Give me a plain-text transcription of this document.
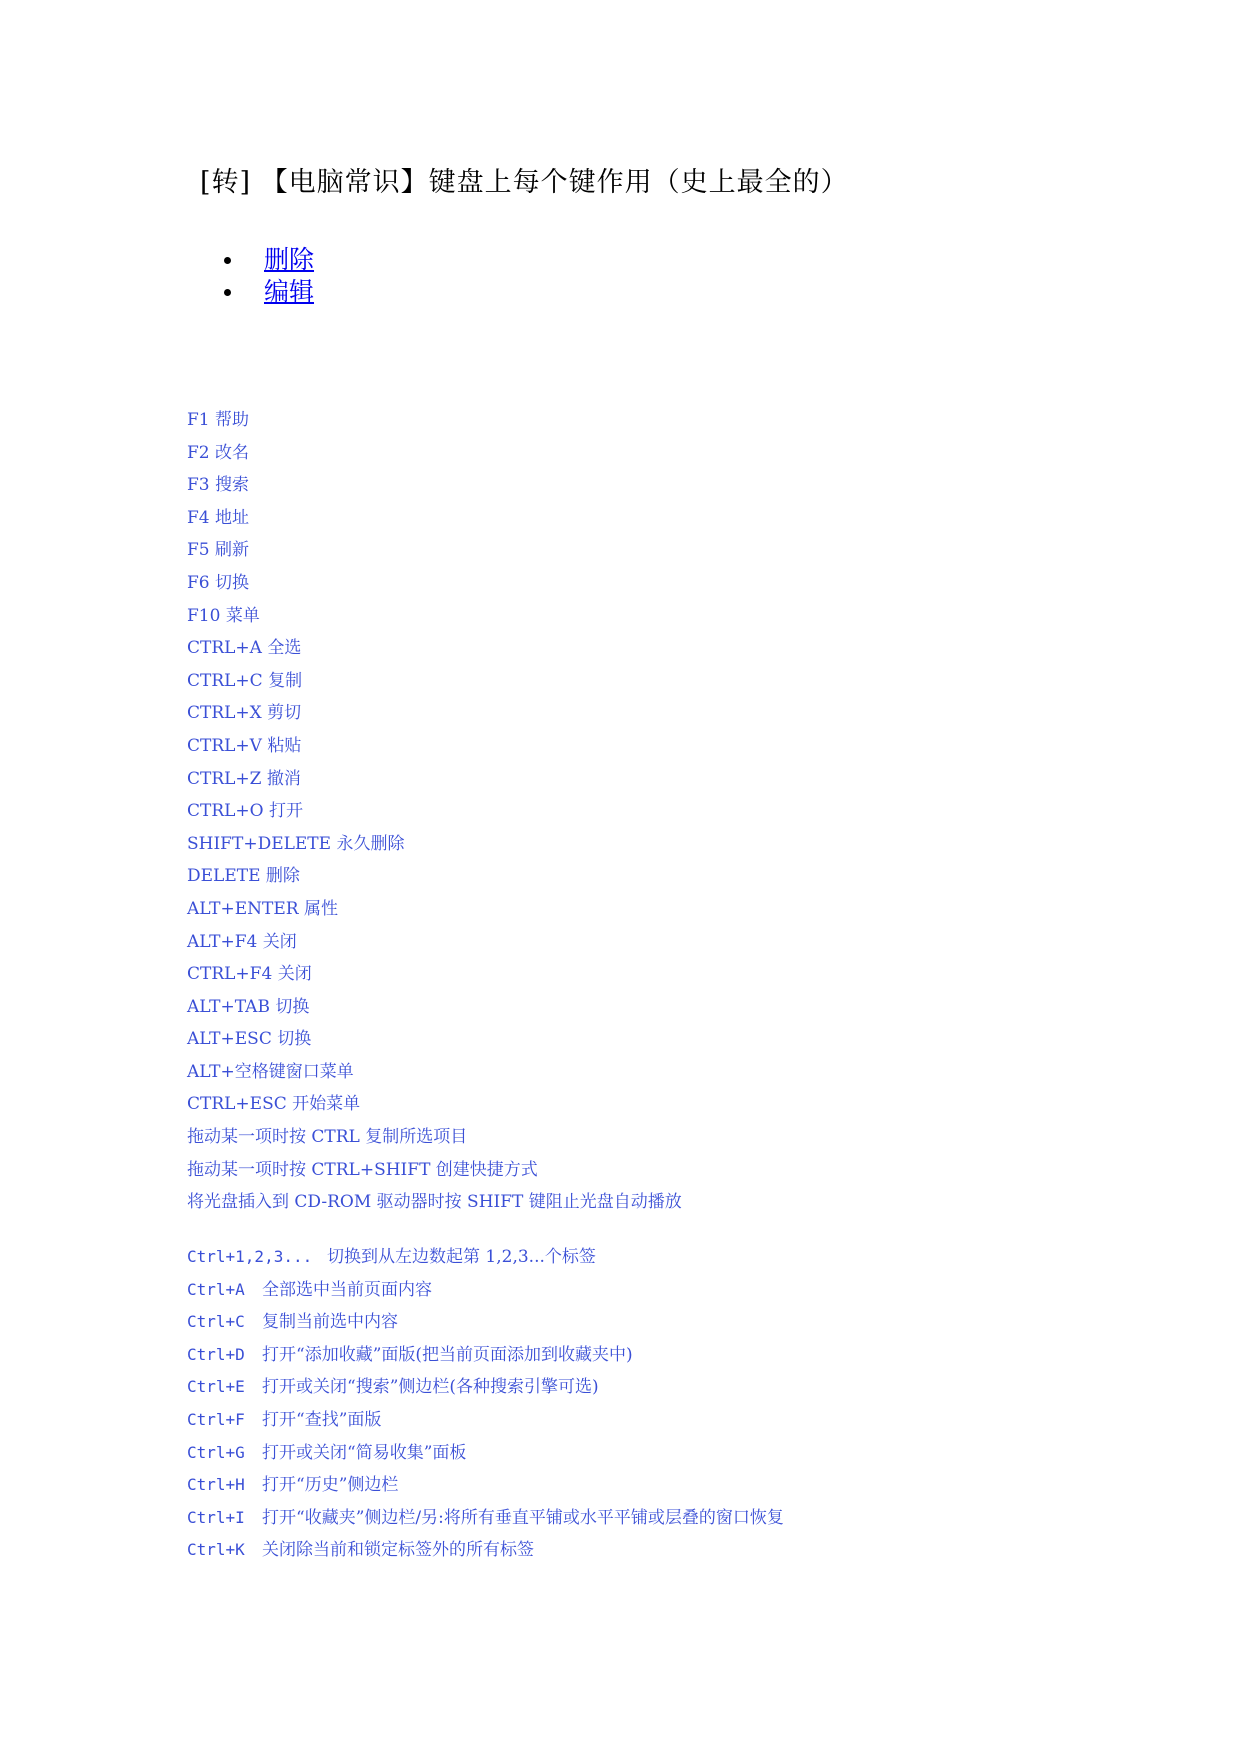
[转] 【电脑常识】键盘上每个键作用（史上最全的）
删除
编辑
F1 帮助
F2 改名
F3 搜索
F4 地址
F5 刷新
F6 切换
F10 菜单
CTRL+A 全选
CTRL+C 复制
CTRL+X 剪切
CTRL+V 粘贴
CTRL+Z 撤消
CTRL+O 打开
SHIFT+DELETE 永久删除
DELETE 删除
ALT+ENTER 属性
ALT+F4 关闭
CTRL+F4 关闭
ALT+TAB 切换
ALT+ESC 切换
ALT+空格键窗口菜单
CTRL+ESC 开始菜单
拖动某一项时按 CTRL 复制所选项目
拖动某一项时按 CTRL+SHIFT 创建快捷方式
将光盘插入到 CD-ROM 驱动器时按 SHIFT 键阻止光盘自动播放
Ctrl+1,2,3... 切换到从左边数起第 1,2,3...个标签
Ctrl+A 全部选中当前页面内容
Ctrl+C 复制当前选中内容
Ctrl+D 打开“添加收藏”面版(把当前页面添加到收藏夹中)
Ctrl+E 打开或关闭“搜索”侧边栏(各种搜索引擎可选)
Ctrl+F 打开“查找”面版
Ctrl+G 打开或关闭“简易收集”面板
Ctrl+H 打开“历史”侧边栏
Ctrl+I 打开“收藏夹”侧边栏/另:将所有垂直平铺或水平平铺或层叠的窗口恢复
Ctrl+K 关闭除当前和锁定标签外的所有标签
